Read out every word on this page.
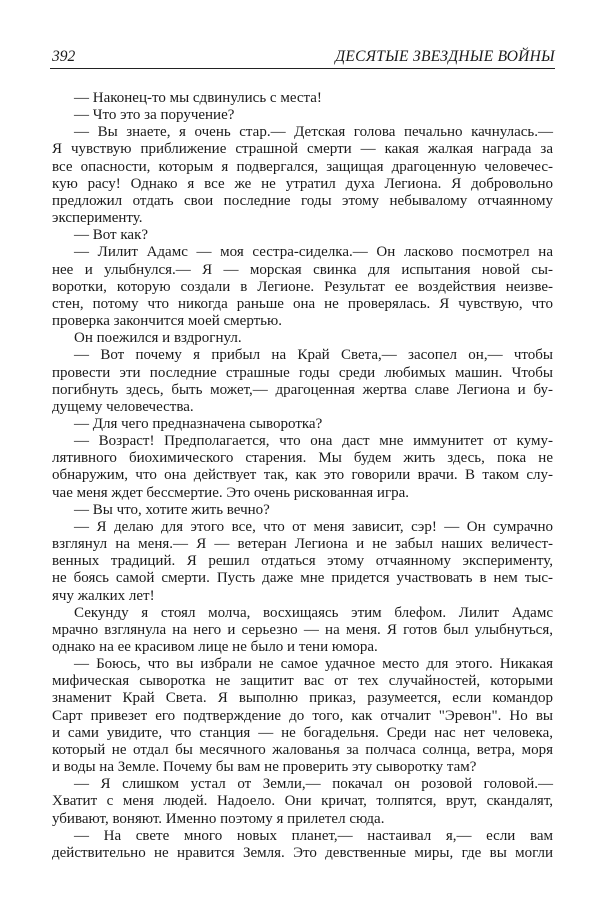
392	ДЕСЯТЫЕ ЗВЕЗДНЫЕ ВОЙНЫ
— Наконец-то мы сдвинулись с места!
— Что это за поручение?
— Вы знаете, я очень стар.— Детская голова печально качнулась.—
Я чувствую приближение страшной смерти — какая жалкая награда за
все опасности, которым я подвергался, защищая драгоценную человечес-
кую расу! Однако я все же не утратил духа Легиона. Я добровольно
предложил отдать свои последние годы этому небывалому отчаянному
эксперименту.
— Вот как?
— Лилит Адамс — моя сестра-сиделка.— Он ласково посмотрел на
нее и улыбнулся.— Я — морская свинка для испытания новой сы-
воротки, которую создали в Легионе. Результат ее воздействия неизве-
стен, потому что никогда раньше она не проверялась. Я чувствую, что
проверка закончится моей смертью.
Он поежился и вздрогнул.
— Вот почему я прибыл на Край Света,— засопел он,— чтобы
провести эти последние страшные годы среди любимых машин. Чтобы
погибнуть здесь, быть может,— драгоценная жертва славе Легиона и бу-
дущему человечества.
— Для чего предназначена сыворотка?
— Возраст! Предполагается, что она даст мне иммунитет от куму-
лятивного биохимического старения. Мы будем жить здесь, пока не
обнаружим, что она действует так, как это говорили врачи. В таком слу-
чае меня ждет бессмертие. Это очень рискованная игра.
— Вы что, хотите жить вечно?
— Я делаю для этого все, что от меня зависит, сэр! — Он сумрачно
взглянул на меня.— Я — ветеран Легиона и не забыл наших величест-
венных традиций. Я решил отдаться этому отчаянному эксперименту,
не боясь самой смерти. Пусть даже мне придется участвовать в нем тыс-
ячу жалких лет!
Секунду я стоял молча, восхищаясь этим блефом. Лилит Адамс
мрачно взглянула на него и серьезно — на меня. Я готов был улыбнуться,
однако на ее красивом лице не было и тени юмора.
— Боюсь, что вы избрали не самое удачное место для этого. Никакая
мифическая сыворотка не защитит вас от тех случайностей, которыми
знаменит Край Света. Я выполню приказ, разумеется, если командор
Сарт привезет его подтверждение до того, как отчалит "Эревон". Но вы
и сами увидите, что станция — не богадельня. Среди нас нет человека,
который не отдал бы месячного жалованья за полчаса солнца, ветра, моря
и воды на Земле. Почему бы вам не проверить эту сыворотку там?
— Я слишком устал от Земли,— покачал он розовой головой.—
Хватит с меня людей. Надоело. Они кричат, толпятся, врут, скандалят,
убивают, воняют. Именно поэтому я прилетел сюда.
— На свете много новых планет,— настаивал я,— если вам
действительно не нравится Земля. Это девственные миры, где вы могли
